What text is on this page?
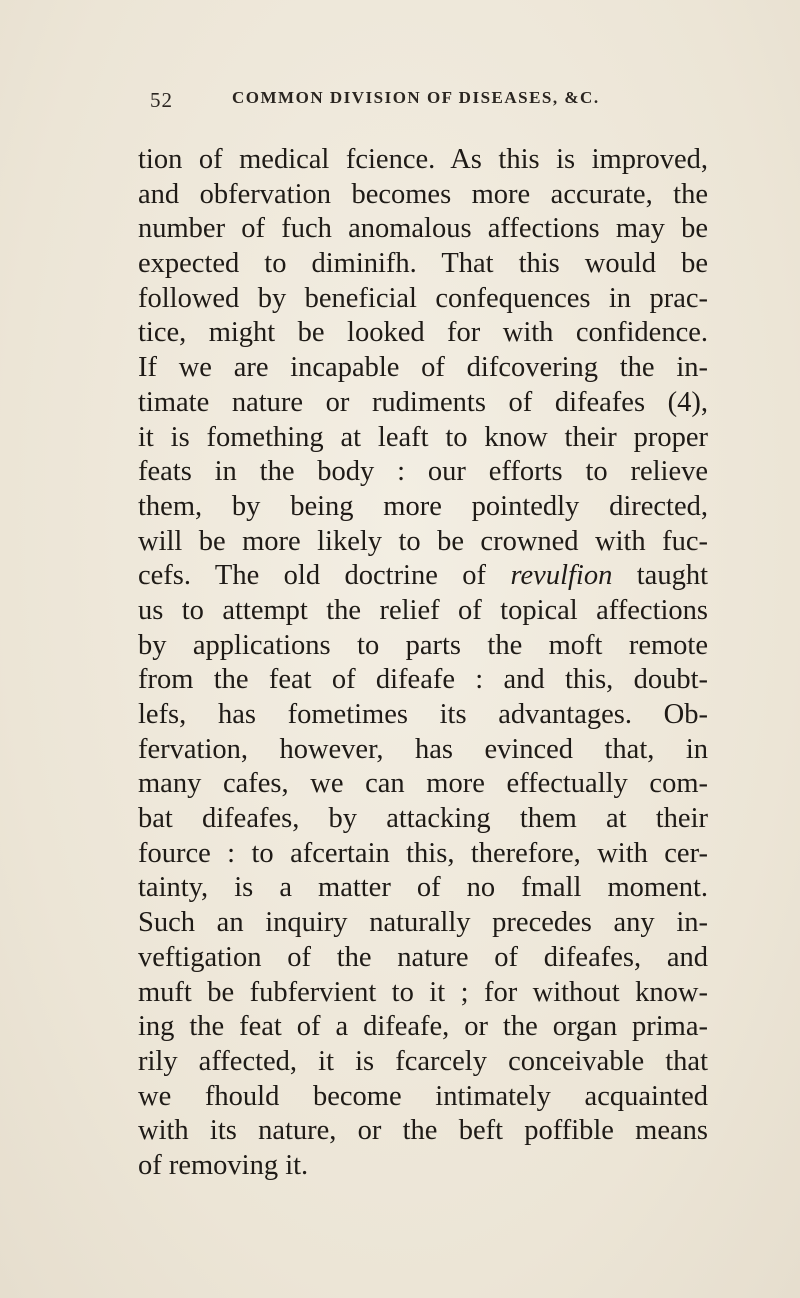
52	COMMON DIVISION OF DISEASES, &C.
tion of medical fcience. As this is improved,
and obfervation becomes more accurate, the
number of fuch anomalous affections may be
expected to diminifh. That this would be
followed by beneficial confequences in prac-
tice, might be looked for with confidence.
If we are incapable of difcovering the in-
timate nature or rudiments of difeafes (4),
it is fomething at leaft to know their proper
feats in the body : our efforts to relieve
them, by being more pointedly directed,
will be more likely to be crowned with fuc-
cefs. The old doctrine of revulfion taught
us to attempt the relief of topical affections
by applications to parts the moft remote
from the feat of difeafe : and this, doubt-
lefs, has fometimes its advantages. Ob-
fervation, however, has evinced that, in
many cafes, we can more effectually com-
bat difeafes, by attacking them at their
fource : to afcertain this, therefore, with cer-
tainty, is a matter of no fmall moment.
Such an inquiry naturally precedes any in-
veftigation of the nature of difeafes, and
muft be fubfervient to it ; for without know-
ing the feat of a difeafe, or the organ prima-
rily affected, it is fcarcely conceivable that
we fhould become intimately acquainted
with its nature, or the beft poffible means
of removing it.
